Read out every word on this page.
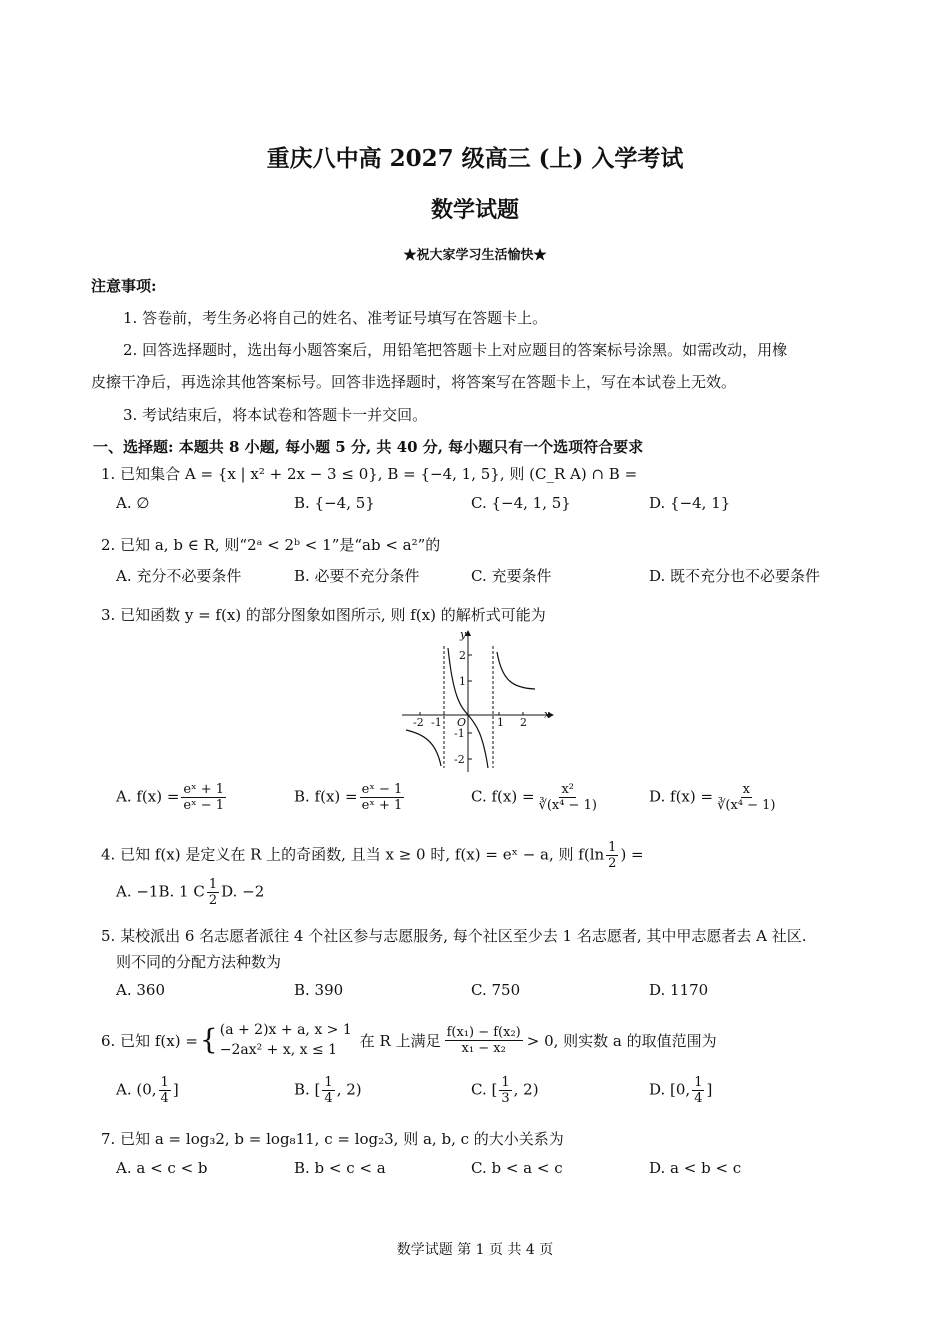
重庆八中高 2027 级高三 (上) 入学考试
数学试题
★祝大家学习生活愉快★
注意事项:
1. 答卷前，考生务必将自己的姓名、准考证号填写在答题卡上。
2. 回答选择题时，选出每小题答案后，用铅笔把答题卡上对应题目的答案标号涂黑。如需改动，用橡
皮擦干净后，再选涂其他答案标号。回答非选择题时，将答案写在答题卡上，写在本试卷上无效。
3. 考试结束后，将本试卷和答题卡一并交回。
一、选择题: 本题共 8 小题, 每小题 5 分, 共 40 分, 每小题只有一个选项符合要求
1. 已知集合 A = {x | x² + 2x − 3 ≤ 0}, B = {−4, 1, 5}, 则 (C_R A) ∩ B =
A. ∅	B. {−4, 5}	C. {−4, 1, 5}	D. {−4, 1}
2. 已知 a, b ∈ R, 则“2ᵃ < 2ᵇ < 1”是“ab < a²”的
A. 充分不必要条件	B. 必要不充分条件	C. 充要条件	D. 既不充分也不必要条件
3. 已知函数 y = f(x) 的部分图象如图所示, 则 f(x) 的解析式可能为
y
x
O
-2 -1	1 2
2
1
-1
-2
A. $f(x) = \frac{\text{eˣ + 1}}{\text{eˣ − 1}}$	B. $f(x) = \frac{\text{eˣ − 1}}{\text{eˣ + 1}}$	C. $f(x) = \frac{\text{x²}}{\text{∛(x⁴ − 1)}}$	D. $f(x) = \frac{x}{\text{∛(x⁴ − 1)}}$
4. 已知 f(x) 是定义在 R 上的奇函数, 且当 x ≥ 0 时, f(x) = eˣ − a, 则 $f(\ln \frac{1}{2}$ ) =
A. −1B. 1 C $\frac{1}{2} D$. −2
5. 某校派出 6 名志愿者派往 4 个社区参与志愿服务, 每个社区至少去 1 名志愿者, 其中甲志愿者去 A 社区.
则不同的分配方法种数为
A. 360	B. 390	C. 750	D. 1170
6. 已知 f(x) = { (a + 2)x + a, x > 1
−2ax² + x, x ≤ 1
在 R 上满足 $\frac{\text{f(x₁) − f(x₂)}}{\text{x₁ − x₂}} > 0$, 则实数 a 的取值范围为
A. (0, $\frac{1}{4}$ ]	B. [ $\frac{1}{4}$ , 2)	C. [ $\frac{1}{3}$ , 2)	D. [0, $\frac{1}{4}$ ]
7. 已知 a = log₃2, b = log₈11, c = log₂3, 则 a, b, c 的大小关系为
A. a < c < b	B. b < c < a	C. b < a < c	D. a < b < c
数学试题 第 1 页 共 4 页
